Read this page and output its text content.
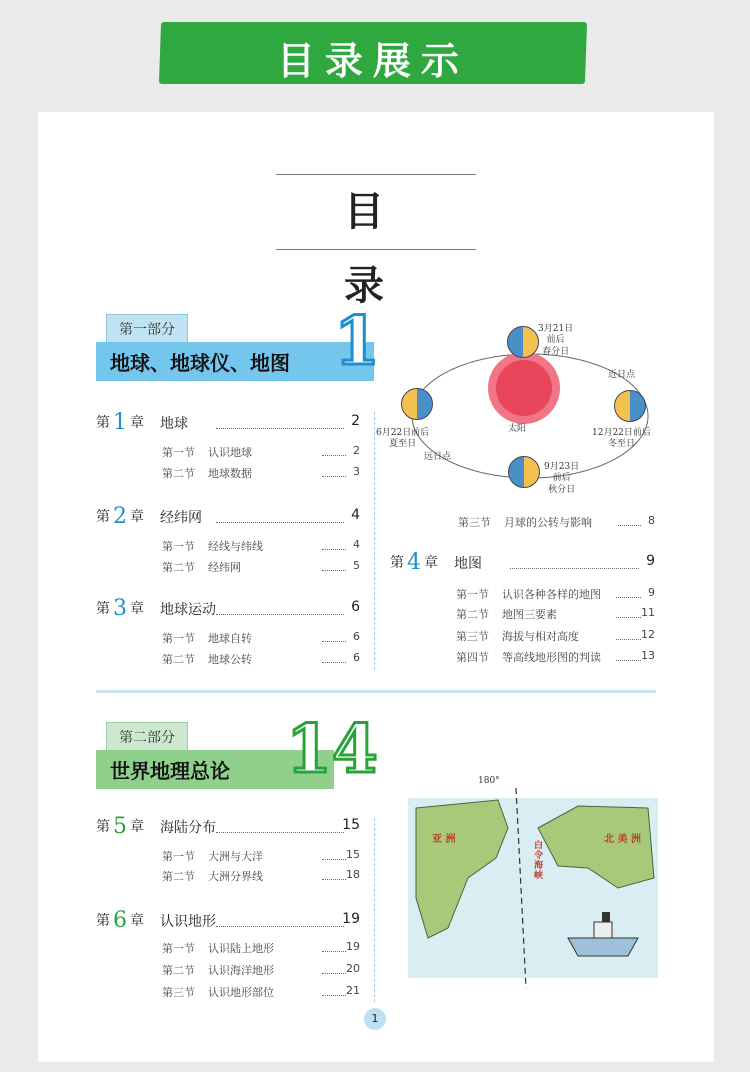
目录展示
目录
第一部分
地球、地球仪、地图 1
第二部分
世界地理总论 14
第 1 章 地球	2
第一节 认识地球	2
第二节 地球数据	3
第 2 章 经纬网	4
第一节 经线与纬线	4
第二节 经纬网	5
第 3 章 地球运动	6
第一节 地球自转	6
第二节 地球公转	6
第三节 月球的公转与影响	8
第 4 章 地图	9
第一节 认识各种各样的地图	9
第二节 地图三要素	11
第三节 海拔与相对高度	12
第四节 等高线地形图的判读	13
第 5 章 海陆分布	15
第一节 大洲与大洋	15
第二节 大洲分界线	18
第 6 章 认识地形	19
第一节 认识陆上地形	19
第二节 认识海洋地形	20
第三节 认识地形部位	21
3月21日
前后
春分日
6月22日前后
夏至日
12月22日前后
冬至日
9月23日
前后
秋分日
太阳
近日点
远日点
180°
亚 洲	北 美 洲
白令海峡
1
